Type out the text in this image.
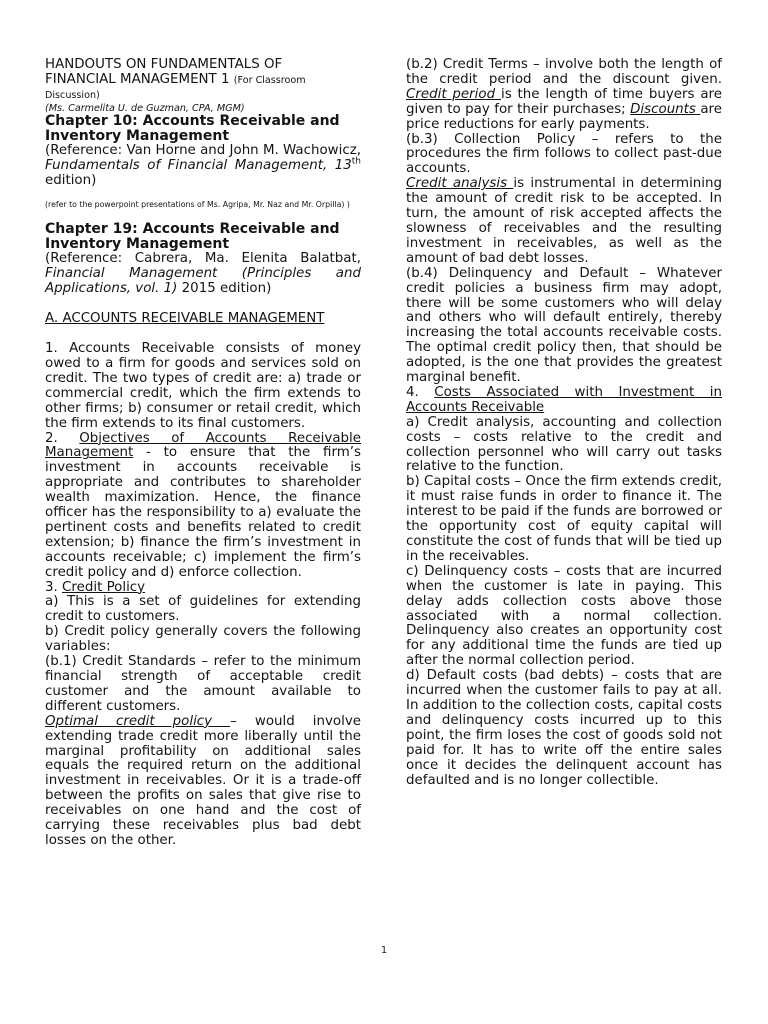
HANDOUTS ON FUNDAMENTALS OF
FINANCIAL MANAGEMENT 1 (For Classroom Discussion)

(Ms. Carmelita U. de Guzman, CPA, MGM)

Chapter 10: Accounts Receivable and Inventory Management

(Reference: Van Horne and John M. Wachowicz, Fundamentals of Financial Management, 13th edition)

(refer to the powerpoint presentations of Ms. Agripa, Mr. Naz and Mr. Orpilla) )

Chapter 19: Accounts Receivable and Inventory Management

(Reference: Cabrera, Ma. Elenita Balatbat, Financial Management (Principles and Applications, vol. 1) 2015 edition)

A. ACCOUNTS RECEIVABLE MANAGEMENT

1. Accounts Receivable consists of money owed to a firm for goods and services sold on credit. The two types of credit are: a) trade or commercial credit, which the firm extends to other firms; b) consumer or retail credit, which the firm extends to its final customers.

2. Objectives of Accounts Receivable Management - to ensure that the firm’s investment in accounts receivable is appropriate and contributes to shareholder wealth maximization. Hence, the finance officer has the responsibility to a) evaluate the pertinent costs and benefits related to credit extension; b) finance the firm’s investment in accounts receivable; c) implement the firm’s credit policy and d) enforce collection.

3. Credit Policy

a) This is a set of guidelines for extending credit to customers.

b) Credit policy generally covers the following variables:

(b.1) Credit Standards – refer to the minimum financial strength of acceptable credit customer and the amount available to different customers.

Optimal credit policy – would involve extending trade credit more liberally until the marginal profitability on additional sales equals the required return on the additional investment in receivables. Or it is a trade-off between the profits on sales that give rise to receivables on one hand and the cost of carrying these receivables plus bad debt losses on the other.

(b.2) Credit Terms – involve both the length of the credit period and the discount given. Credit period is the length of time buyers are given to pay for their purchases; Discounts are price reductions for early payments.

(b.3) Collection Policy – refers to the procedures the firm follows to collect past-due accounts.

Credit analysis is instrumental in determining the amount of credit risk to be accepted. In turn, the amount of risk accepted affects the slowness of receivables and the resulting investment in receivables, as well as the amount of bad debt losses.

(b.4) Delinquency and Default – Whatever credit policies a business firm may adopt, there will be some customers who will delay and others who will default entirely, thereby increasing the total accounts receivable costs. The optimal credit policy then, that should be adopted, is the one that provides the greatest marginal benefit.

4. Costs Associated with Investment in Accounts Receivable

a) Credit analysis, accounting and collection costs – costs relative to the credit and collection personnel who will carry out tasks relative to the function.

b) Capital costs – Once the firm extends credit, it must raise funds in order to finance it. The interest to be paid if the funds are borrowed or the opportunity cost of equity capital will constitute the cost of funds that will be tied up in the receivables.

c) Delinquency costs – costs that are incurred when the customer is late in paying. This delay adds collection costs above those associated with a normal collection. Delinquency also creates an opportunity cost for any additional time the funds are tied up after the normal collection period.

d) Default costs (bad debts) – costs that are incurred when the customer fails to pay at all. In addition to the collection costs, capital costs and delinquency costs incurred up to this point, the firm loses the cost of goods sold not paid for. It has to write off the entire sales once it decides the delinquent account has defaulted and is no longer collectible.

1
